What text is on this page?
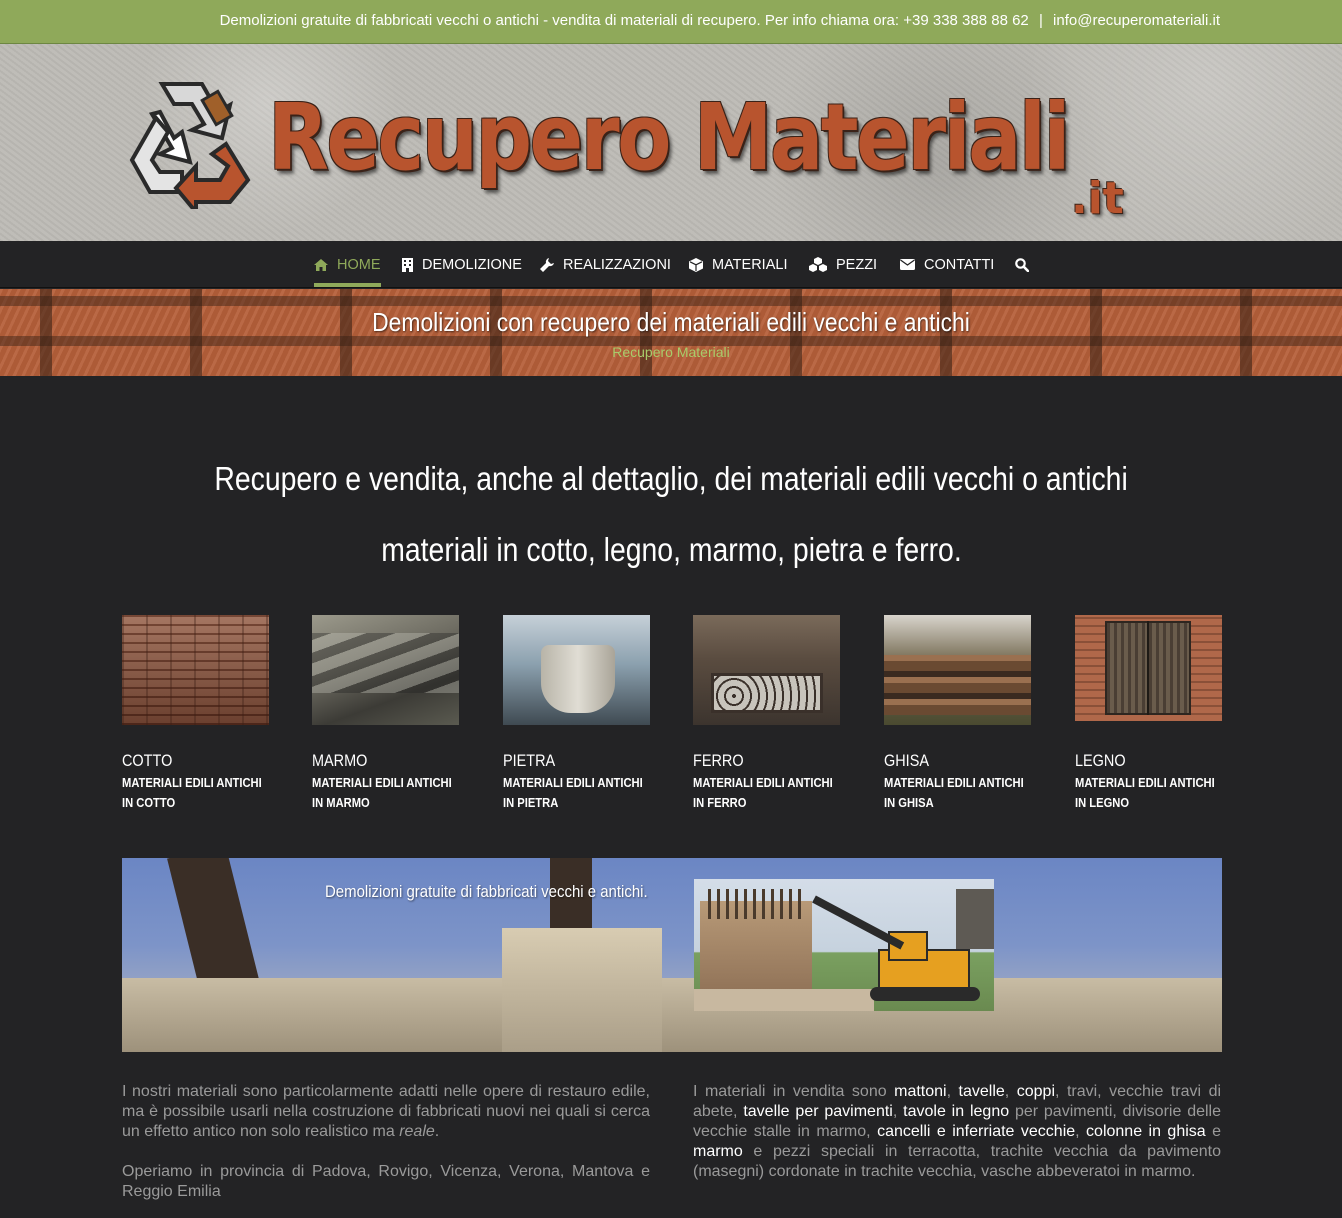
Demolizioni gratuite di fabbricati vecchi o antichi - vendita di materiali di recupero. Per info chiama ora: +39 338 388 88 62 | info@recuperomateriali.it
Recupero Materiali
.it
HOME	DEMOLIZIONE	REALIZZAZIONI	MATERIALI	PEZZI	CONTATTI
Demolizioni con recupero dei materiali edili vecchi e antichi
Recupero Materiali
Recupero e vendita, anche al dettaglio, dei materiali edili vecchi o antichi
materiali in cotto, legno, marmo, pietra e ferro.
COTTO
MATERIALI EDILI ANTICHI IN COTTO
MARMO
MATERIALI EDILI ANTICHI IN MARMO
PIETRA
MATERIALI EDILI ANTICHI IN PIETRA
FERRO
MATERIALI EDILI ANTICHI IN FERRO
GHISA
MATERIALI EDILI ANTICHI IN GHISA
LEGNO
MATERIALI EDILI ANTICHI IN LEGNO
Demolizioni gratuite di fabbricati vecchi e antichi.
I nostri materiali sono particolarmente adatti nelle opere di restauro edile, ma è possibile usarli nella costruzione di fabbricati nuovi nei quali si cerca un effetto antico non solo realistico ma reale.
Operiamo in provincia di Padova, Rovigo, Vicenza, Verona, Mantova e Reggio Emilia
I materiali in vendita sono mattoni, tavelle, coppi, travi, vecchie travi di abete, tavelle per pavimenti, tavole in legno per pavimenti, divisorie delle vecchie stalle in marmo, cancelli e inferriate vecchie, colonne in ghisa e marmo e pezzi speciali in terracotta, trachite vecchia da pavimento (masegni) cordonate in trachite vecchia, vasche abbeveratoi in marmo.
